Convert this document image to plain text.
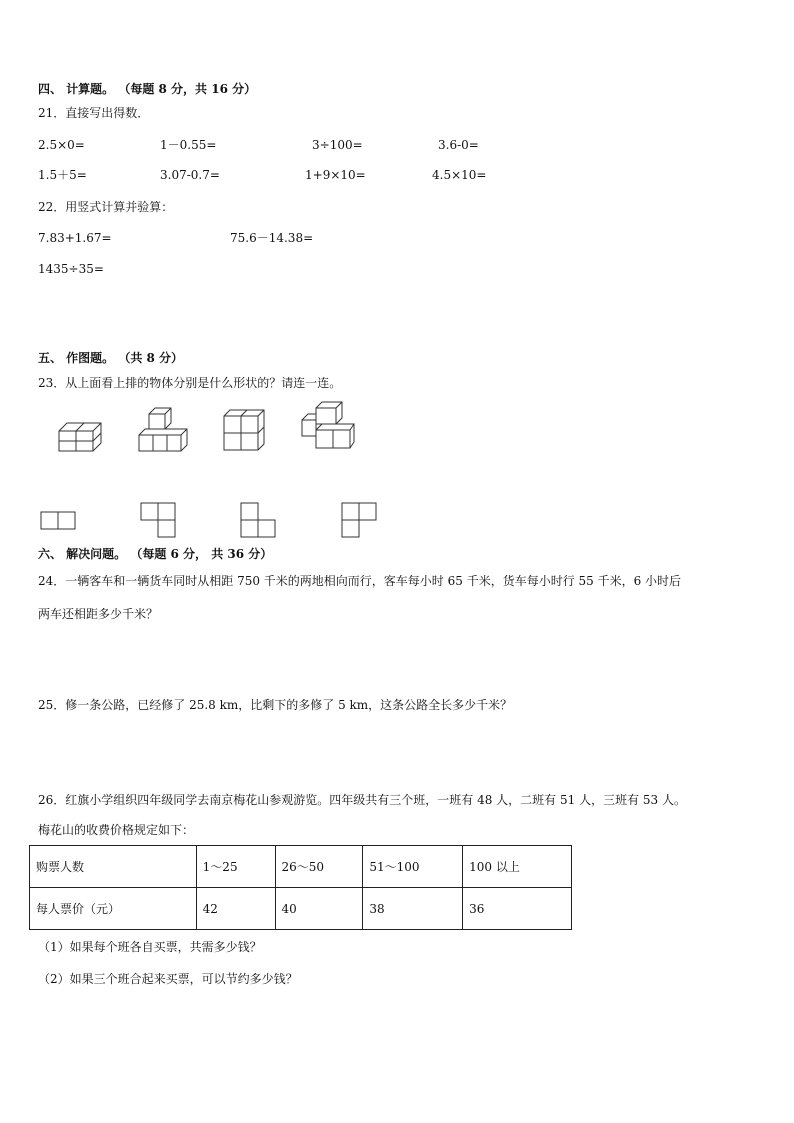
四、 计算题。 （每题 8 分，共 16 分）
21．直接写出得数．
2.5×0=	1－0.55=	3÷100=	3.6-0=
1.5＋5=	3.07-0.7=	1+9×10=	4.5×10=
22．用竖式计算并验算：
7.83+1.67=	75.6－14.38=
1435÷35=
五、 作图题。 （共 8 分）
23．从上面看上排的物体分别是什么形状的？请连一连。
六、 解决问题。 （每题 6 分， 共 36 分）
24．一辆客车和一辆货车同时从相距 750 千米的两地相向而行，客车每小时 65 千米，货车每小时行 55 千米，6 小时后
两车还相距多少千米？
25．修一条公路，已经修了 25.8 km，比剩下的多修了 5 km，这条公路全长多少千米？
26．红旗小学组织四年级同学去南京梅花山参观游览。四年级共有三个班，一班有 48 人，二班有 51 人，三班有 53 人。
梅花山的收费价格规定如下：
购票人数	1～25	26～50	51～100	100 以上
每人票价（元）	42	40	38	36
（1）如果每个班各自买票，共需多少钱？
（2）如果三个班合起来买票，可以节约多少钱？
